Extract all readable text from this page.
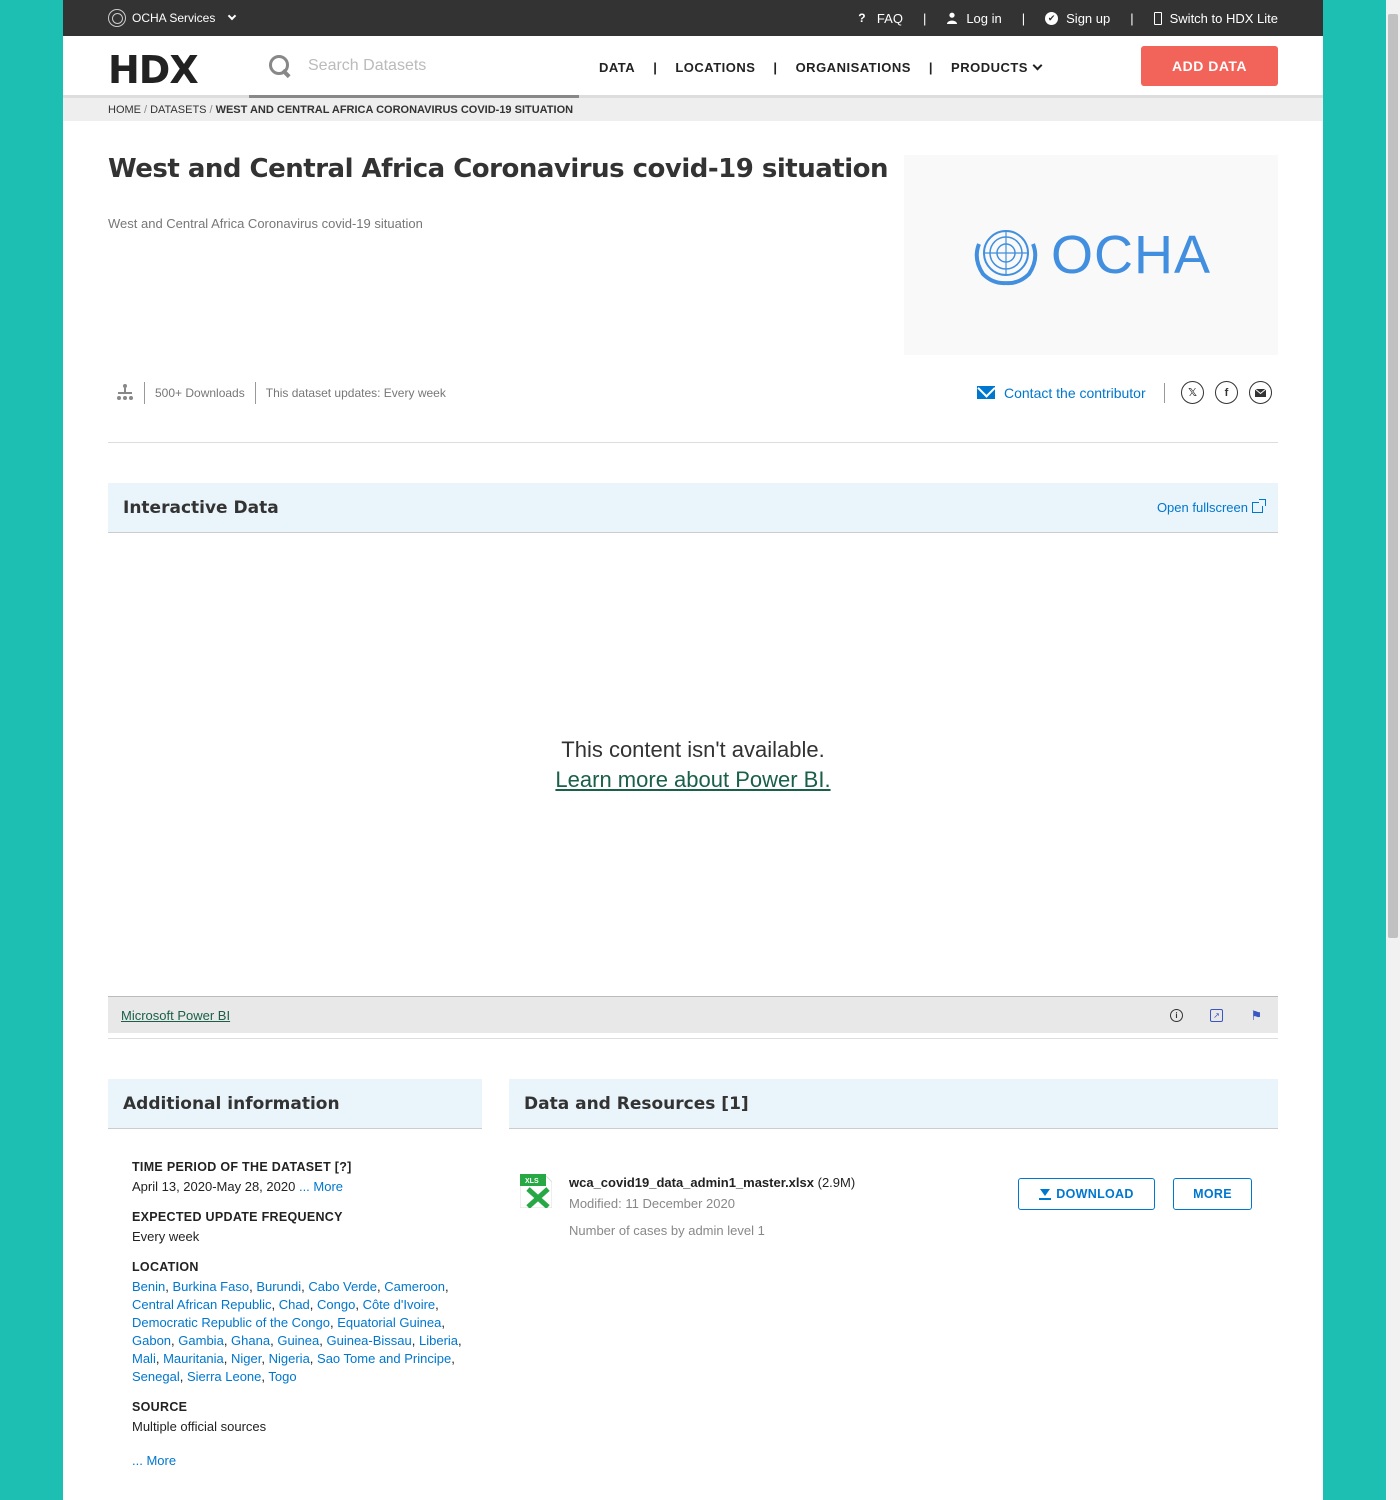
OCHA Services	? FAQ |	Log in |	✔ Sign up |	Switch to HDX Lite
HDX
Search Datasets	DATA | LOCATIONS | ORGANISATIONS | PRODUCTS	ADD DATA
HOME / DATASETS / WEST AND CENTRAL AFRICA CORONAVIRUS COVID-19 SITUATION
West and Central Africa Coronavirus covid-19 situation
West and Central Africa Coronavirus covid-19 situation
OCHA
500+ Downloads	This dataset updates: Every week	Contact the contributor	𝕏	f
Interactive Data	Open fullscreen
This content isn't available.
Learn more about Power BI.
Microsoft Power BI	i	↗ ⚑
Additional information
TIME PERIOD OF THE DATASET [?]
April 13, 2020-May 28, 2020 ... More
EXPECTED UPDATE FREQUENCY
Every week
LOCATION
Benin, Burkina Faso, Burundi, Cabo Verde, Cameroon, Central African Republic, Chad, Congo, Côte d'Ivoire, Democratic Republic of the Congo, Equatorial Guinea, Gabon, Gambia, Ghana, Guinea, Guinea-Bissau, Liberia, Mali, Mauritania, Niger, Nigeria, Sao Tome and Principe, Senegal, Sierra Leone, Togo
SOURCE
Multiple official sources
... More
Data and Resources [1]
XLS wca_covid19_data_admin1_master.xlsx (2.9M)
Modified: 11 December 2020
Number of cases by admin level 1
DOWNLOAD	MORE
